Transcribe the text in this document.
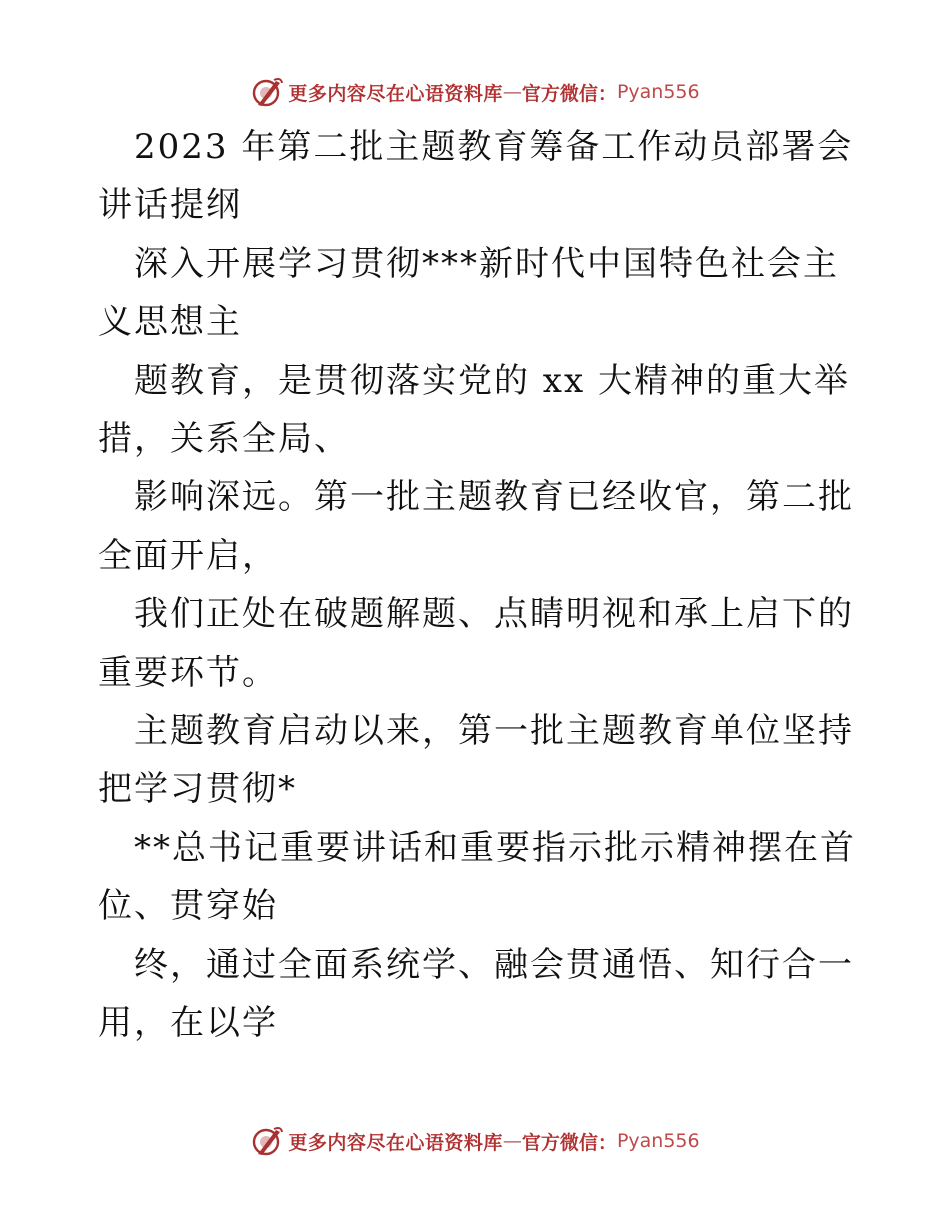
更多内容尽在心语资料库 — 官方微信： Pyan556

2023 年第二批主题教育筹备工作动员部署会讲话提纲

深入开展学习贯彻***新时代中国特色社会主义思想主

题教育，是贯彻落实党的 xx 大精神的重大举措，关系全局、

影响深远。第一批主题教育已经收官，第二批全面开启，

我们正处在破题解题、点睛明视和承上启下的重要环节。

主题教育启动以来，第一批主题教育单位坚持把学习贯彻*

**总书记重要讲话和重要指示批示精神摆在首位、贯穿始

终，通过全面系统学、融会贯通悟、知行合一用，在以学

更多内容尽在心语资料库 — 官方微信： Pyan556
